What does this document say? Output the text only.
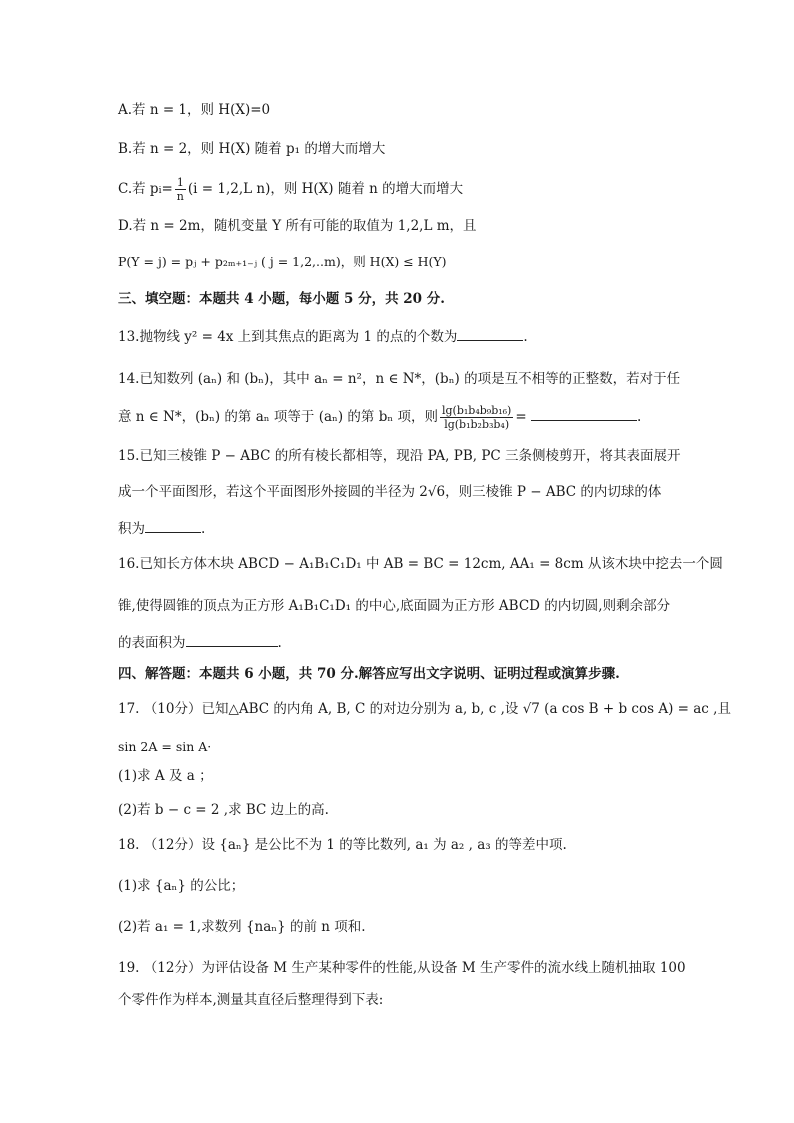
A.若 n = 1，则 H(X)=0
B.若 n = 2，则 H(X) 随着 p₁ 的增大而增大
C.若 $pi= \frac{1}{n} (i = 1,2,L$ n)，则 H(X) 随着 n 的增大而增大
D.若 n = 2m，随机变量 Y 所有可能的取值为 1,2,L m，且
P(Y = j) = pⱼ + p₂ₘ₊₁₋ⱼ ( j = 1,2,..m)，则 H(X) ≤ H(Y)
三、填空题：本题共 4 小题，每小题 5 分，共 20 分.
13.抛物线 y² = 4x 上到其焦点的距离为 1 的点的个数为	.
14.已知数列 (aₙ) 和 (bₙ)，其中 aₙ = n²，n ∈ N*，(bₙ) 的项是互不相等的正整数，若对于任
意 n ∈ N*，(bₙ) 的第 aₙ 项等于 (aₙ) 的第 bₙ 项，则 $\frac{\text{lg(b₁b₄b₉b₁₆)}}{\text{lg(b₁b₂b₃b₄)}}$ =	.
15.已知三棱锥 P − ABC 的所有棱长都相等，现沿 PA, PB, PC 三条侧棱剪开，将其表面展开
成一个平面图形，若这个平面图形外接圆的半径为 2√6，则三棱锥 P − ABC 的内切球的体
积为	.
16.已知长方体木块 ABCD − A₁B₁C₁D₁ 中 AB = BC = 12cm, AA₁ = 8cm 从该木块中挖去一个圆
锥,使得圆锥的顶点为正方形 A₁B₁C₁D₁ 的中心,底面圆为正方形 ABCD 的内切圆,则剩余部分
的表面积为	.
四、解答题：本题共 6 小题，共 70 分.解答应写出文字说明、证明过程或演算步骤.
17. （10分）已知△ABC 的内角 A, B, C 的对边分别为 a, b, c ,设 √7 (a cos B + b cos A) = ac ,且
sin 2A = sin A·
(1)求 A 及 a ；
(2)若 b − c = 2 ,求 BC 边上的高.
18. （12分）设 {aₙ} 是公比不为 1 的等比数列, a₁ 为 a₂ , a₃ 的等差中项.
(1)求 {aₙ} 的公比；
(2)若 a₁ = 1,求数列 {naₙ} 的前 n 项和.
19. （12分）为评估设备 M 生产某种零件的性能,从设备 M 生产零件的流水线上随机抽取 100
个零件作为样本,测量其直径后整理得到下表:
